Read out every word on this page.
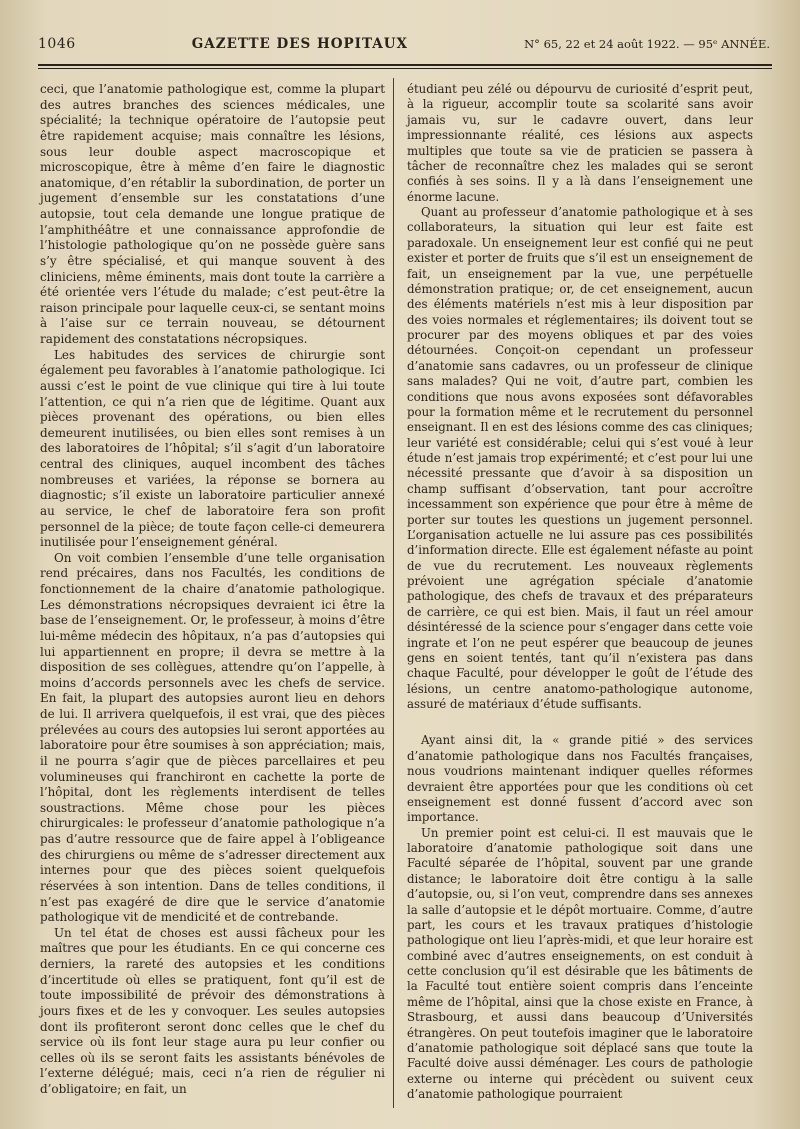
1046	GAZETTE DES HOPITAUX	N° 65, 22 et 24 août 1922. — 95ᵉ ANNÉE.

ceci, que l’anatomie pathologique est, comme la plupart des autres branches des sciences médicales, une spécialité; la technique opératoire de l’autopsie peut être rapidement acquise; mais connaître les lésions, sous leur double aspect macroscopique et microscopique, être à même d’en faire le diagnostic anatomique, d’en rétablir la subordination, de porter un jugement d’ensemble sur les constatations d’une autopsie, tout cela demande une longue pratique de l’amphithéâtre et une connaissance approfondie de l’histologie pathologique qu’on ne possède guère sans s’y être spécialisé, et qui manque souvent à des cliniciens, même éminents, mais dont toute la carrière a été orientée vers l’étude du malade; c’est peut-être la raison principale pour laquelle ceux-ci, se sentant moins à l’aise sur ce terrain nouveau, se détournent rapidement des constatations nécropsiques.

Les habitudes des services de chirurgie sont également peu favorables à l’anatomie pathologique. Ici aussi c’est le point de vue clinique qui tire à lui toute l’attention, ce qui n’a rien que de légitime. Quant aux pièces provenant des opérations, ou bien elles demeurent inutilisées, ou bien elles sont remises à un des laboratoires de l’hôpital; s’il s’agit d’un laboratoire central des cliniques, auquel incombent des tâches nombreuses et variées, la réponse se bornera au diagnostic; s’il existe un laboratoire particulier annexé au service, le chef de laboratoire fera son profit personnel de la pièce; de toute façon celle-ci demeurera inutilisée pour l’enseignement général.

On voit combien l’ensemble d’une telle organisation rend précaires, dans nos Facultés, les conditions de fonctionnement de la chaire d’anatomie pathologique. Les démonstrations nécropsiques devraient ici être la base de l’enseignement. Or, le professeur, à moins d’être lui-même médecin des hôpitaux, n’a pas d’autopsies qui lui appartiennent en propre; il devra se mettre à la disposition de ses collègues, attendre qu’on l’appelle, à moins d’accords personnels avec les chefs de service. En fait, la plupart des autopsies auront lieu en dehors de lui. Il arrivera quelquefois, il est vrai, que des pièces prélevées au cours des autopsies lui seront apportées au laboratoire pour être soumises à son appréciation; mais, il ne pourra s’agir que de pièces parcellaires et peu volumineuses qui franchiront en cachette la porte de l’hôpital, dont les règlements interdisent de telles soustractions. Même chose pour les pièces chirurgicales: le professeur d’anatomie pathologique n’a pas d’autre ressource que de faire appel à l’obligeance des chirurgiens ou même de s’adresser directement aux internes pour que des pièces soient quelquefois réservées à son intention. Dans de telles conditions, il n’est pas exagéré de dire que le service d’anatomie pathologique vit de mendicité et de contrebande.

Un tel état de choses est aussi fâcheux pour les maîtres que pour les étudiants. En ce qui concerne ces derniers, la rareté des autopsies et les conditions d’incertitude où elles se pratiquent, font qu’il est de toute impossibilité de prévoir des démonstrations à jours fixes et de les y convoquer. Les seules autopsies dont ils profiteront seront donc celles que le chef du service où ils font leur stage aura pu leur confier ou celles où ils se seront faits les assistants bénévoles de l’externe délégué; mais, ceci n’a rien de régulier ni d’obligatoire; en fait, un

étudiant peu zélé ou dépourvu de curiosité d’esprit peut, à la rigueur, accomplir toute sa scolarité sans avoir jamais vu, sur le cadavre ouvert, dans leur impressionnante réalité, ces lésions aux aspects multiples que toute sa vie de praticien se passera à tâcher de reconnaître chez les malades qui se seront confiés à ses soins. Il y a là dans l’enseignement une énorme lacune.

Quant au professeur d’anatomie pathologique et à ses collaborateurs, la situation qui leur est faite est paradoxale. Un enseignement leur est confié qui ne peut exister et porter de fruits que s’il est un enseignement de fait, un enseignement par la vue, une perpétuelle démonstration pratique; or, de cet enseignement, aucun des éléments matériels n’est mis à leur disposition par des voies normales et réglementaires; ils doivent tout se procurer par des moyens obliques et par des voies détournées. Conçoit-on cependant un professeur d’anatomie sans cadavres, ou un professeur de clinique sans malades? Qui ne voit, d’autre part, combien les conditions que nous avons exposées sont défavorables pour la formation même et le recrutement du personnel enseignant. Il en est des lésions comme des cas cliniques; leur variété est considérable; celui qui s’est voué à leur étude n’est jamais trop expérimenté; et c’est pour lui une nécessité pressante que d’avoir à sa disposition un champ suffisant d’observation, tant pour accroître incessamment son expérience que pour être à même de porter sur toutes les questions un jugement personnel. L’organisation actuelle ne lui assure pas ces possibilités d’information directe. Elle est également néfaste au point de vue du recrutement. Les nouveaux règlements prévoient une agrégation spéciale d’anatomie pathologique, des chefs de travaux et des préparateurs de carrière, ce qui est bien. Mais, il faut un réel amour désintéressé de la science pour s’engager dans cette voie ingrate et l’on ne peut espérer que beaucoup de jeunes gens en soient tentés, tant qu’il n’existera pas dans chaque Faculté, pour développer le goût de l’étude des lésions, un centre anatomo-pathologique autonome, assuré de matériaux d’étude suffisants.

Ayant ainsi dit, la « grande pitié » des services d’anatomie pathologique dans nos Facultés françaises, nous voudrions maintenant indiquer quelles réformes devraient être apportées pour que les conditions où cet enseignement est donné fussent d’accord avec son importance.

Un premier point est celui-ci. Il est mauvais que le laboratoire d’anatomie pathologique soit dans une Faculté séparée de l’hôpital, souvent par une grande distance; le laboratoire doit être contigu à la salle d’autopsie, ou, si l’on veut, comprendre dans ses annexes la salle d’autopsie et le dépôt mortuaire. Comme, d’autre part, les cours et les travaux pratiques d’histologie pathologique ont lieu l’après-midi, et que leur horaire est combiné avec d’autres enseignements, on est conduit à cette conclusion qu’il est désirable que les bâtiments de la Faculté tout entière soient compris dans l’enceinte même de l’hôpital, ainsi que la chose existe en France, à Strasbourg, et aussi dans beaucoup d’Universités étrangères. On peut toutefois imaginer que le laboratoire d’anatomie pathologique soit déplacé sans que toute la Faculté doive aussi déménager. Les cours de pathologie externe ou interne qui précèdent ou suivent ceux d’anatomie pathologique pourraient
